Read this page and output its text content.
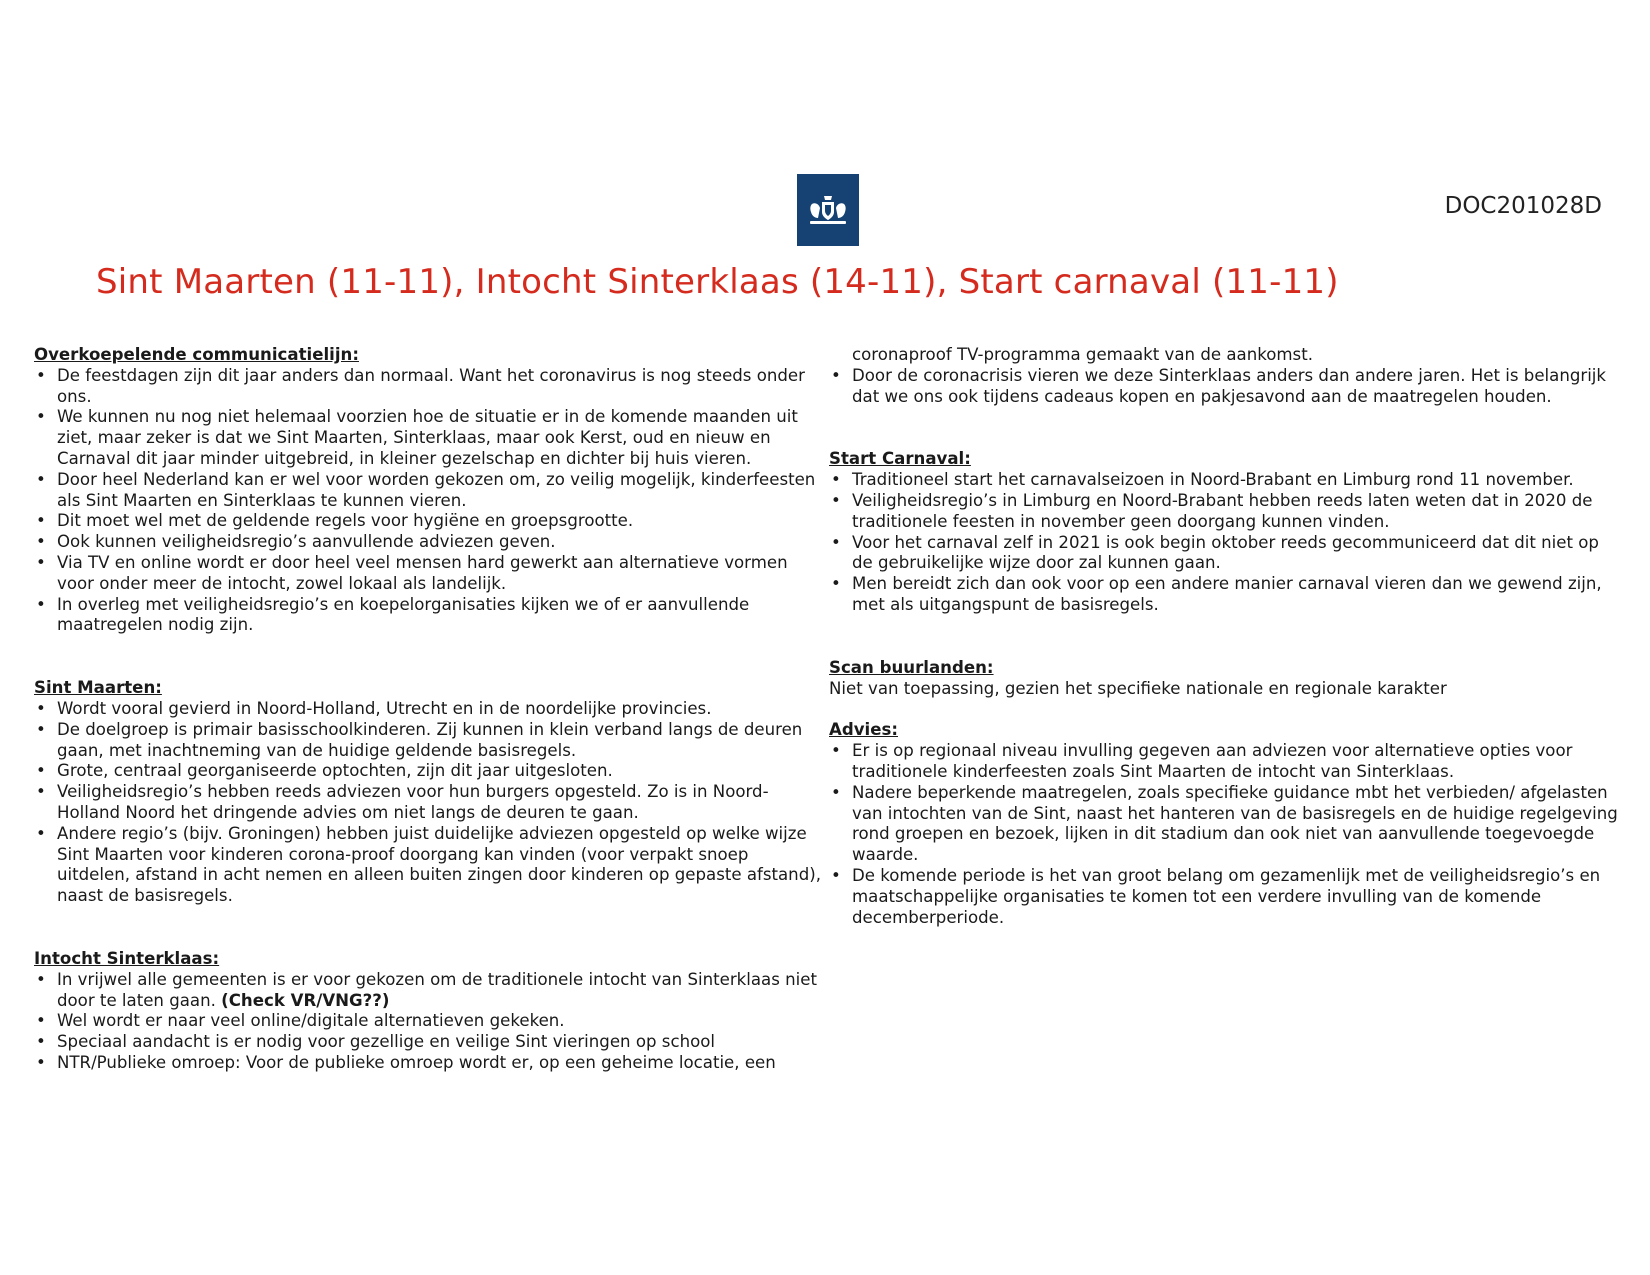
DOC201028D
Sint Maarten (11-11), Intocht Sinterklaas (14-11), Start carnaval (11-11)

Overkoepelende communicatielijn:

• De feestdagen zijn dit jaar anders dan normaal. Want het coronavirus is nog steeds onder ons.
• We kunnen nu nog niet helemaal voorzien hoe de situatie er in de komende maanden uit ziet, maar zeker is dat we Sint Maarten, Sinterklaas, maar ook Kerst, oud en nieuw en Carnaval dit jaar minder uitgebreid, in kleiner gezelschap en dichter bij huis vieren.
• Door heel Nederland kan er wel voor worden gekozen om, zo veilig mogelijk, kinderfeesten als Sint Maarten en Sinterklaas te kunnen vieren.
• Dit moet wel met de geldende regels voor hygiëne en groepsgrootte.
• Ook kunnen veiligheidsregio’s aanvullende adviezen geven.
• Via TV en online wordt er door heel veel mensen hard gewerkt aan alternatieve vormen voor onder meer de intocht, zowel lokaal als landelijk.
• In overleg met veiligheidsregio’s en koepelorganisaties kijken we of er aanvullende maatregelen nodig zijn.

Sint Maarten:

• Wordt vooral gevierd in Noord-Holland, Utrecht en in de noordelijke provincies.
• De doelgroep is primair basisschoolkinderen. Zij kunnen in klein verband langs de deuren gaan, met inachtneming van de huidige geldende basisregels.
• Grote, centraal georganiseerde optochten, zijn dit jaar uitgesloten.
• Veiligheidsregio’s hebben reeds adviezen voor hun burgers opgesteld. Zo is in Noord-Holland Noord het dringende advies om niet langs de deuren te gaan.
• Andere regio’s (bijv. Groningen) hebben juist duidelijke adviezen opgesteld op welke wijze Sint Maarten voor kinderen corona-proof doorgang kan vinden (voor verpakt snoep uitdelen, afstand in acht nemen en alleen buiten zingen door kinderen op gepaste afstand), naast de basisregels.

Intocht Sinterklaas:

• In vrijwel alle gemeenten is er voor gekozen om de traditionele intocht van Sinterklaas niet door te laten gaan. (Check VR/VNG??)
• Wel wordt er naar veel online/digitale alternatieven gekeken.
• Speciaal aandacht is er nodig voor gezellige en veilige Sint vieringen op school
• NTR/Publieke omroep: Voor de publieke omroep wordt er, op een geheime locatie, een
coronaproof TV-programma gemaakt van de aankomst.
• Door de coronacrisis vieren we deze Sinterklaas anders dan andere jaren. Het is belangrijk dat we ons ook tijdens cadeaus kopen en pakjesavond aan de maatregelen houden.

Start Carnaval:

• Traditioneel start het carnavalseizoen in Noord-Brabant en Limburg rond 11 november.
• Veiligheidsregio’s in Limburg en Noord-Brabant hebben reeds laten weten dat in 2020 de traditionele feesten in november geen doorgang kunnen vinden.
• Voor het carnaval zelf in 2021 is ook begin oktober reeds gecommuniceerd dat dit niet op de gebruikelijke wijze door zal kunnen gaan.
• Men bereidt zich dan ook voor op een andere manier carnaval vieren dan we gewend zijn, met als uitgangspunt de basisregels.

Scan buurlanden:

Niet van toepassing, gezien het specifieke nationale en regionale karakter

Advies:

• Er is op regionaal niveau invulling gegeven aan adviezen voor alternatieve opties voor traditionele kinderfeesten zoals Sint Maarten de intocht van Sinterklaas.
• Nadere beperkende maatregelen, zoals specifieke guidance mbt het verbieden/ afgelasten van intochten van de Sint, naast het hanteren van de basisregels en de huidige regelgeving rond groepen en bezoek, lijken in dit stadium dan ook niet van aanvullende toegevoegde waarde.
• De komende periode is het van groot belang om gezamenlijk met de veiligheidsregio’s en maatschappelijke organisaties te komen tot een verdere invulling van de komende decemberperiode.
